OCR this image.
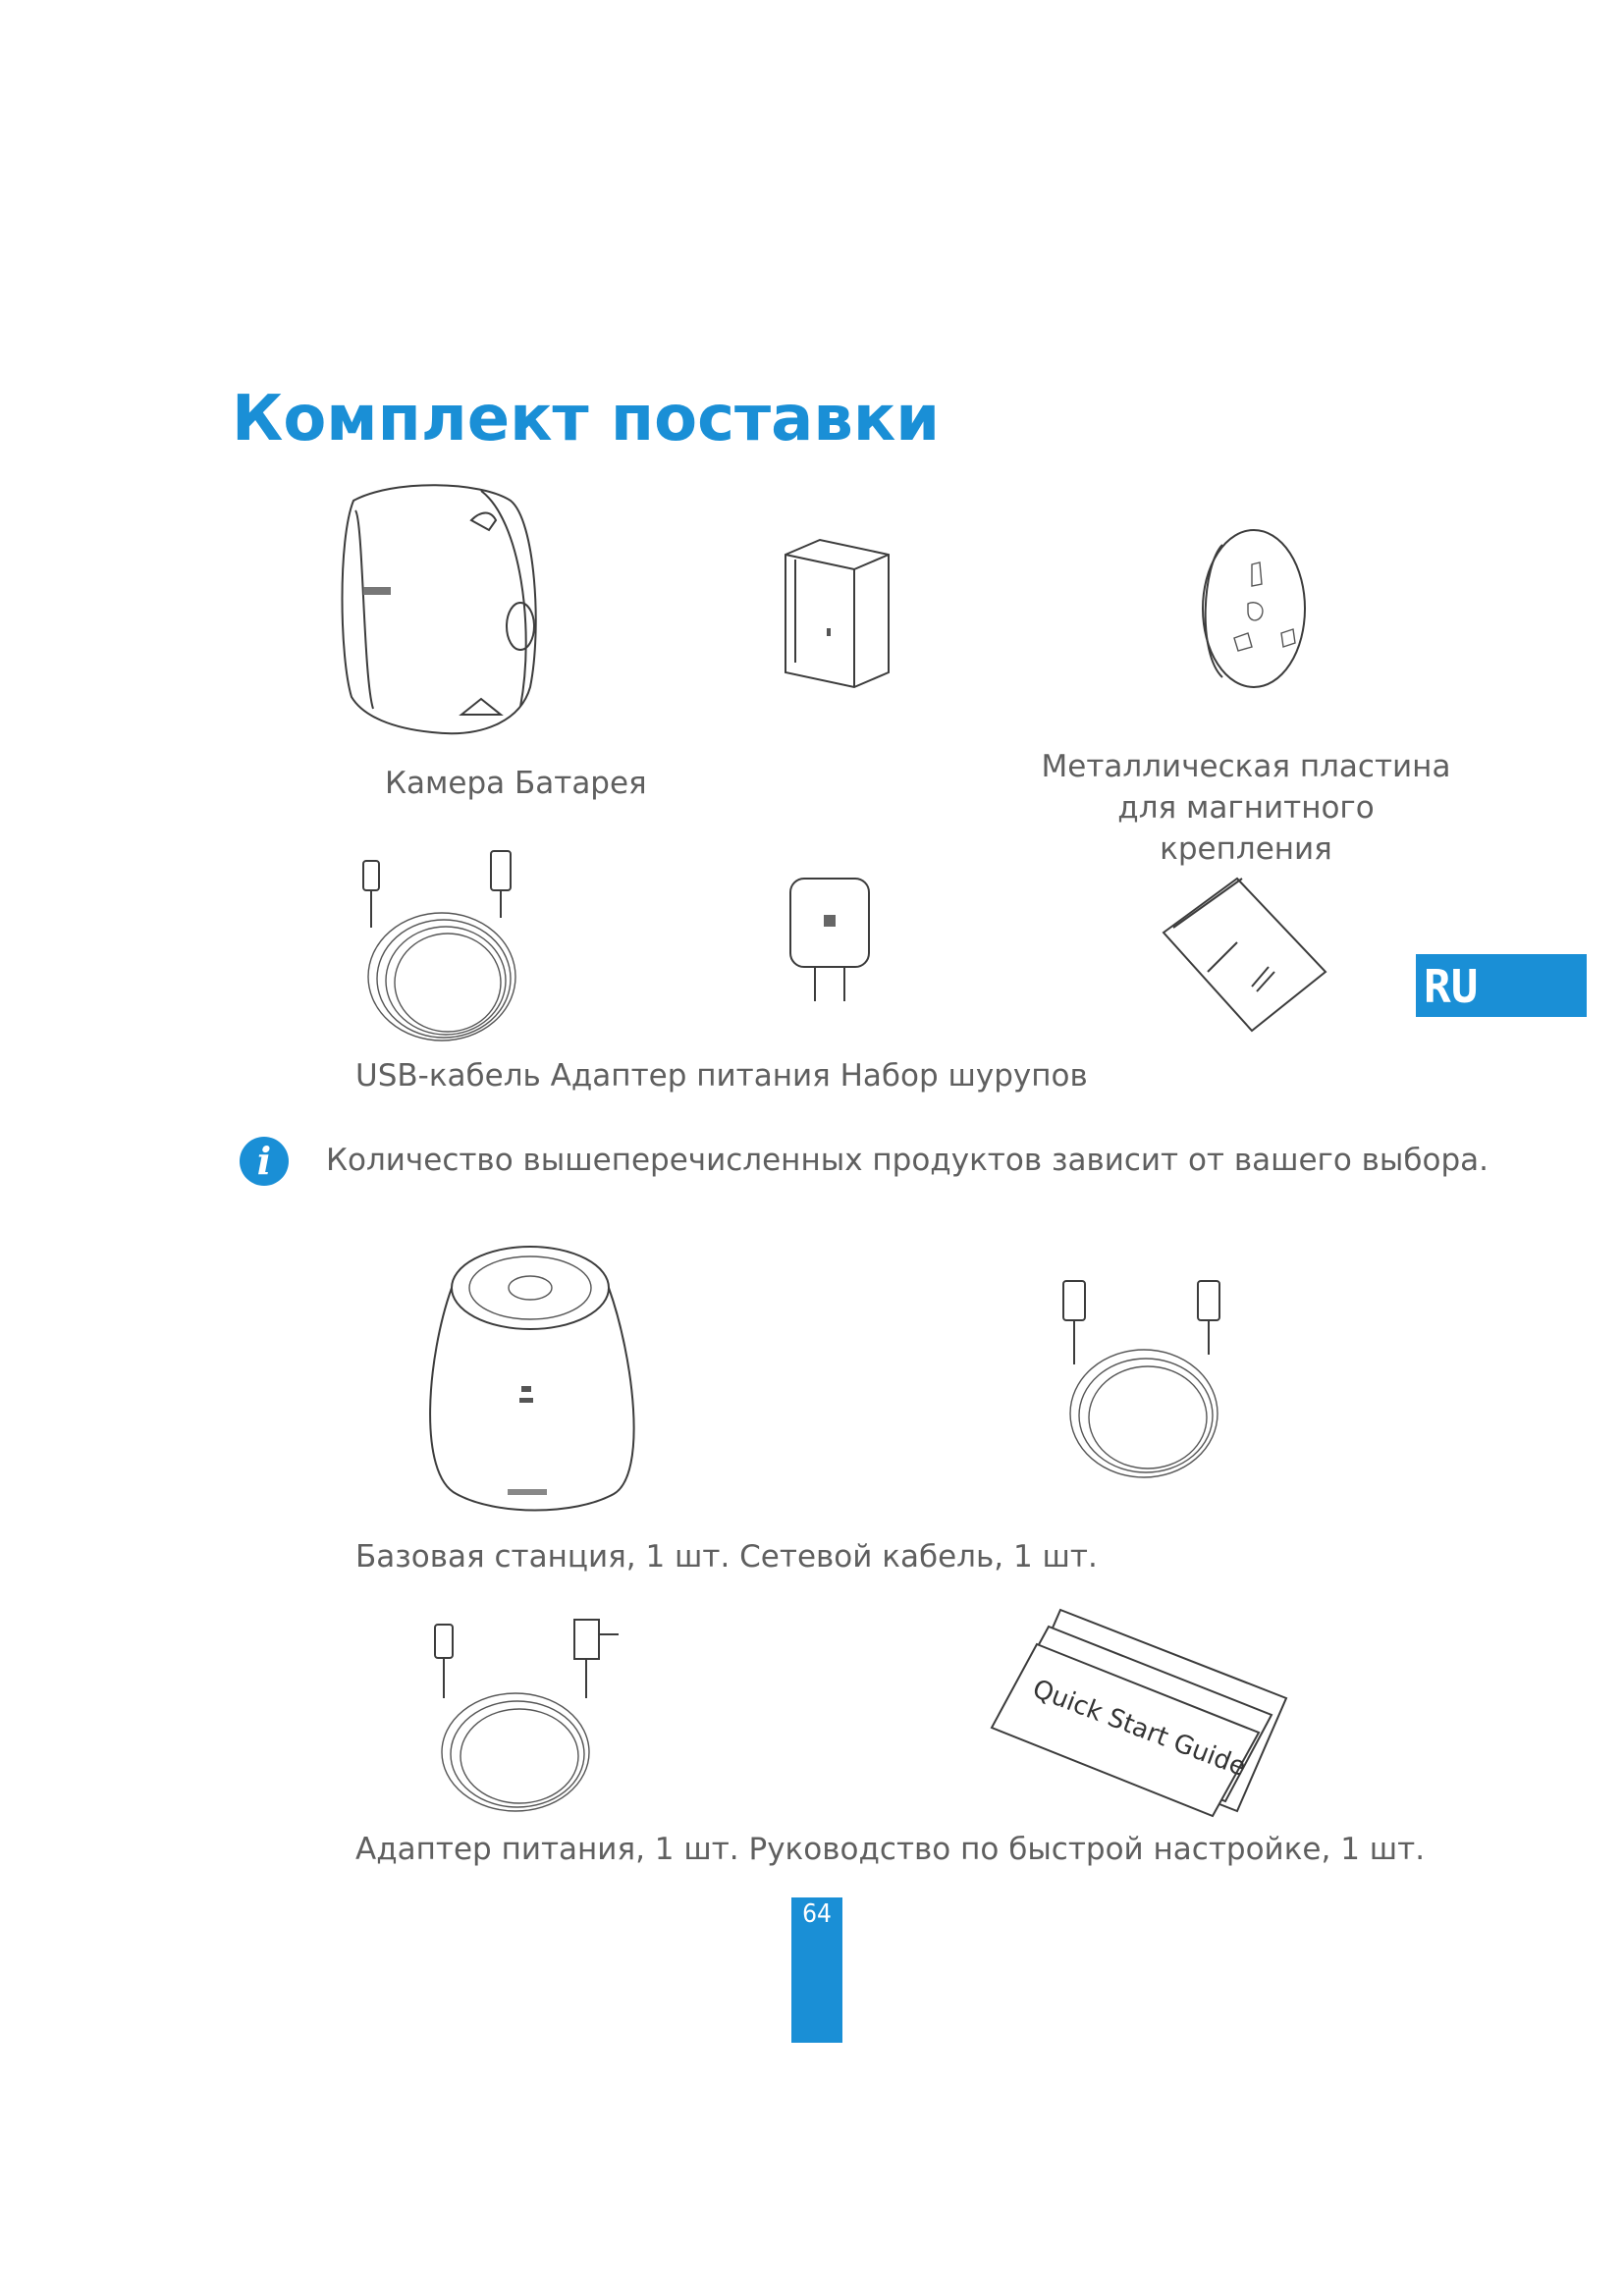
Комплект поставки
Камера Батарея	Металлическая пластина
для магнитного крепления
RU
USB-кабель Адаптер питания Набор шурупов
i	Количество вышеперечисленных продуктов зависит от вашего выбора.
Базовая станция, 1 шт. Сетевой кабель, 1 шт.
Quick Start Guide
Адаптер питания, 1 шт. Руководство по быстрой настройке, 1 шт.
64
